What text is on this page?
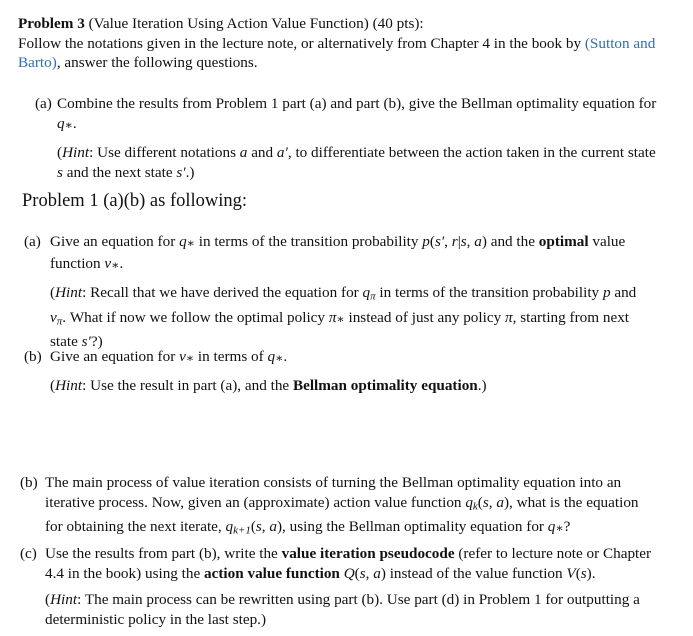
Problem 3 (Value Iteration Using Action Value Function) (40 pts):
Follow the notations given in the lecture note, or alternatively from Chapter 4 in the book by (Sutton and Barto), answer the following questions.
(a) Combine the results from Problem 1 part (a) and part (b), give the Bellman optimality equation for
q∗.
(Hint: Use different notations a and a′, to differentiate between the action taken in the current state
s and the next state s′.)
Problem 1 (a)(b) as following:
(a) Give an equation for q∗ in terms of the transition probability p(s′, r|s, a) and the optimal value
function v∗.
(Hint: Recall that we have derived the equation for $q_\pi$ in terms of the transition probability p and
$v_\pi$. What if now we follow the optimal policy π∗ instead of just any policy π, starting from next
state s′?)
(b) Give an equation for v∗ in terms of q∗.
(Hint: Use the result in part (a), and the Bellman optimality equation.)
(b) The main process of value iteration consists of turning the Bellman optimality equation into an
iterative process. Now, given an (approximate) action value function $q_k(s$, a), what is the equation
for obtaining the next iterate, $q_{k+1}(s$, a), using the Bellman optimality equation for q∗?
(c) Use the results from part (b), write the value iteration pseudocode (refer to lecture note or Chapter
4.4 in the book) using the action value function Q(s, a) instead of the value function V(s).
(Hint: The main process can be rewritten using part (b). Use part (d) in Problem 1 for outputting a
deterministic policy in the last step.)
